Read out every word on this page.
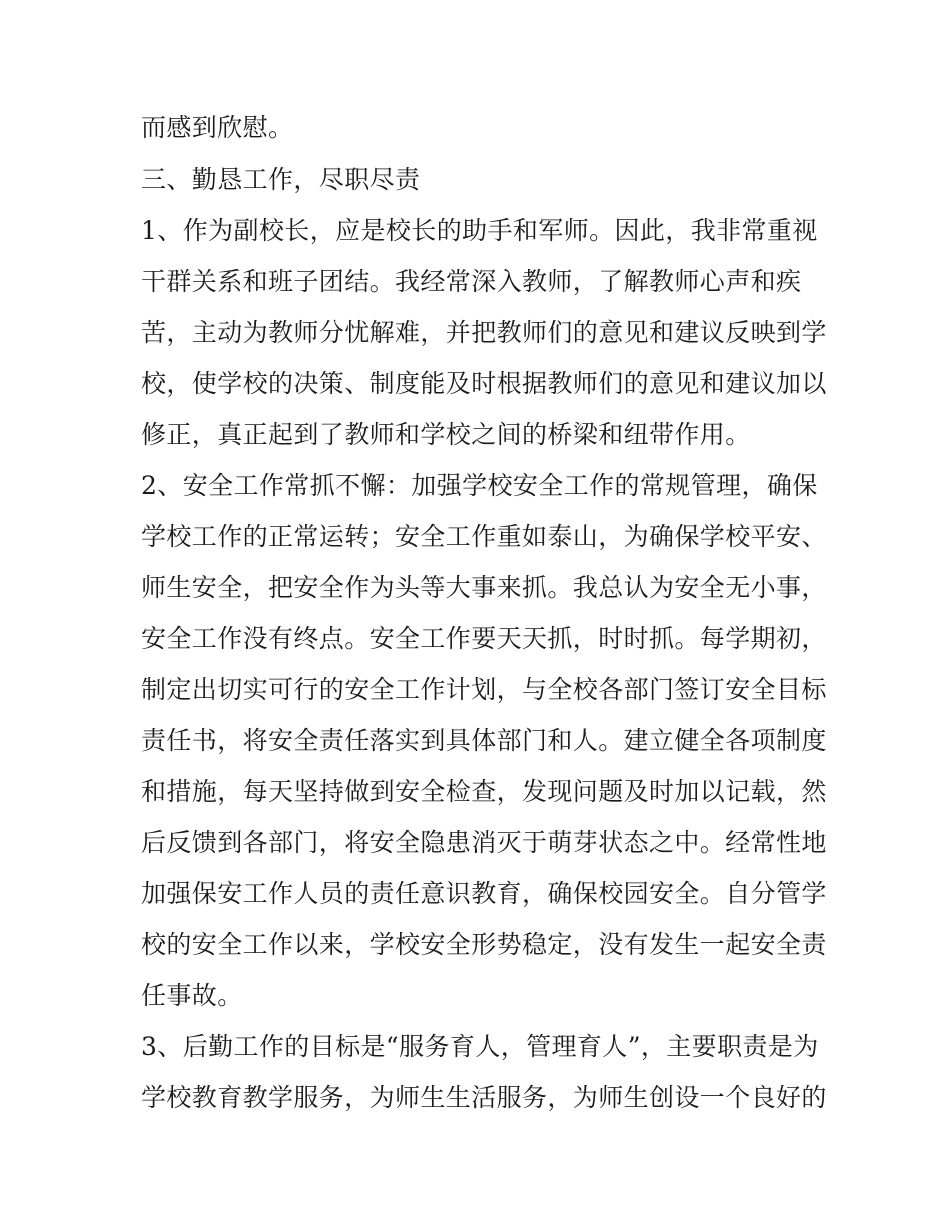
而感到欣慰。
三、勤恳工作，尽职尽责
1、作为副校长，应是校长的助手和军师。因此，我非常重视
干群关系和班子团结。我经常深入教师，了解教师心声和疾
苦，主动为教师分忧解难，并把教师们的意见和建议反映到学
校，使学校的决策、制度能及时根据教师们的意见和建议加以
修正，真正起到了教师和学校之间的桥梁和纽带作用。
2、安全工作常抓不懈：加强学校安全工作的常规管理，确保
学校工作的正常运转；安全工作重如泰山，为确保学校平安、
师生安全，把安全作为头等大事来抓。我总认为安全无小事，
安全工作没有终点。安全工作要天天抓，时时抓。每学期初，
制定出切实可行的安全工作计划，与全校各部门签订安全目标
责任书，将安全责任落实到具体部门和人。建立健全各项制度
和措施，每天坚持做到安全检查，发现问题及时加以记载，然
后反馈到各部门，将安全隐患消灭于萌芽状态之中。经常性地
加强保安工作人员的责任意识教育，确保校园安全。自分管学
校的安全工作以来，学校安全形势稳定，没有发生一起安全责
任事故。
3、后勤工作的目标是“服务育人，管理育人”，主要职责是为
学校教育教学服务，为师生生活服务，为师生创设一个良好的
